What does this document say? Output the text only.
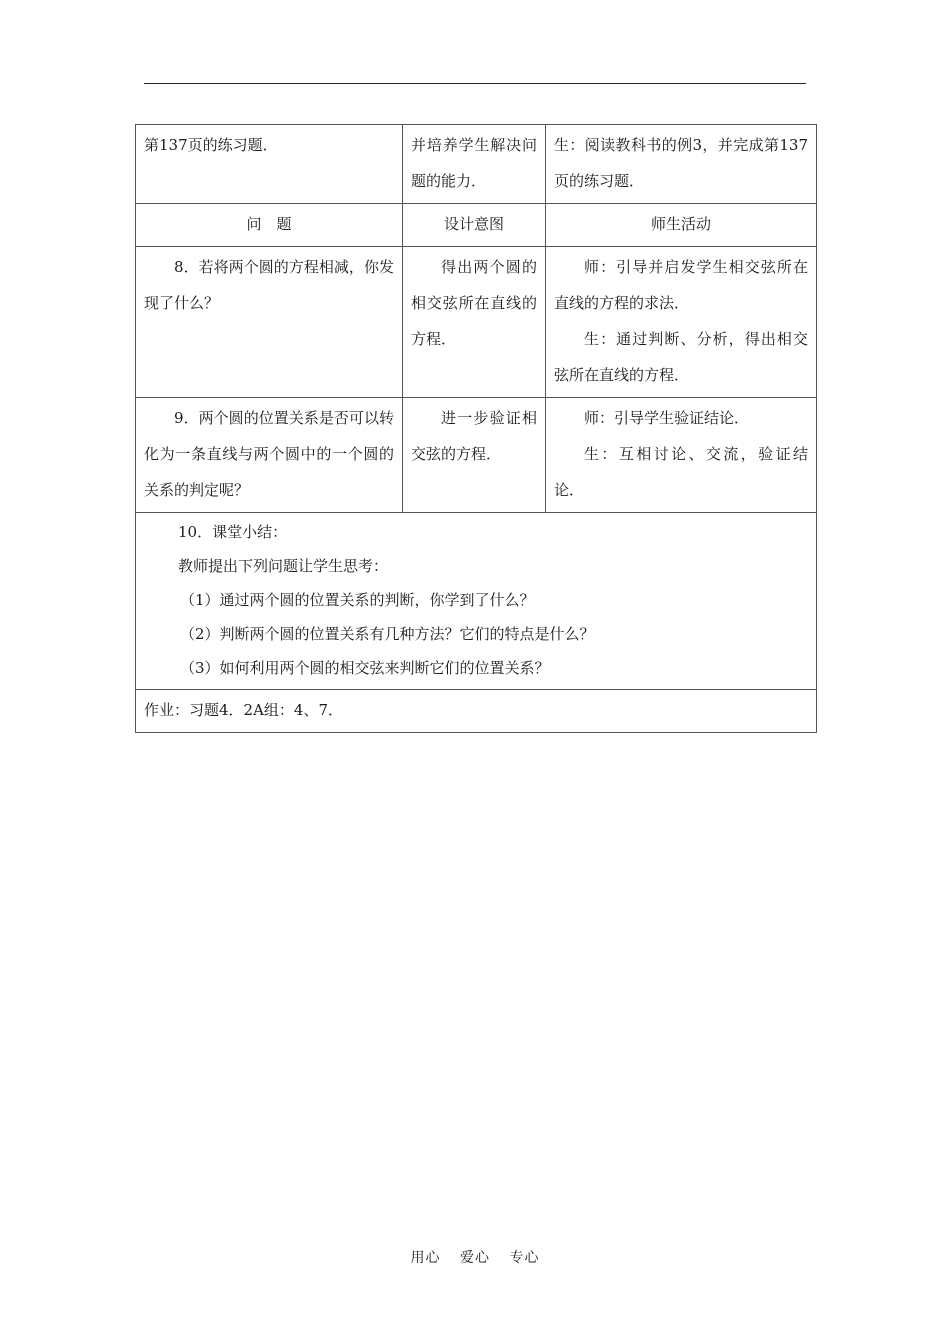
第137页的练习题．	并培养学生解决问题的能力．	生：阅读教科书的例3，并完成第137页的练习题．
问　题	设计意图	师生活动
8．若将两个圆的方程相减，你发现了什么？	得出两个圆的相交弦所在直线的方程．	师：引导并启发学生相交弦所在直线的方程的求法．

生：通过判断、分析，得出相交弦所在直线的方程．

9．两个圆的位置关系是否可以转化为一条直线与两个圆中的一个圆的关系的判定呢？	进一步验证相交弦的方程．	师：引导学生验证结论．

生：互相讨论、交流，验证结论．

10．课堂小结：

教师提出下列问题让学生思考：

（1）通过两个圆的位置关系的判断，你学到了什么？

（2）判断两个圆的位置关系有几种方法？它们的特点是什么？

（3）如何利用两个圆的相交弦来判断它们的位置关系？		

作业：习题4．2A组：4、7．		
用心 爱心 专心
